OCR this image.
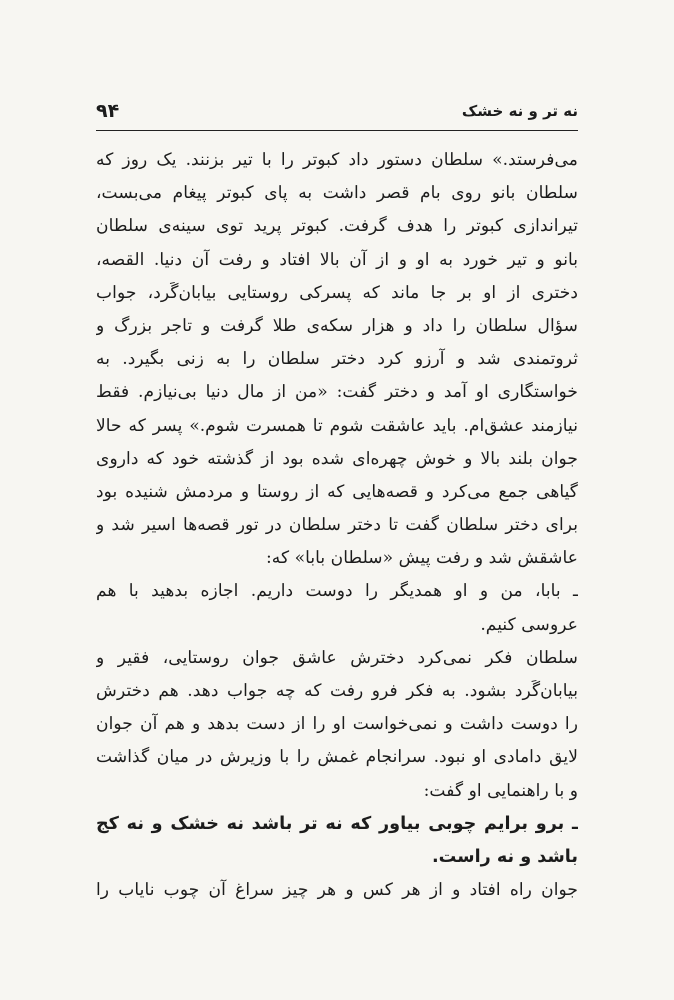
۹۴	نه تر و نه خشک
می‌فرستد.» سلطان دستور داد کبوتر را با تیر بزنند. یک روز که
سلطان بانو روی بام قصر داشت به پای کبوتر پیغام می‌بست،
تیراندازی کبوتر را هدف گرفت. کبوتر پرید توی سینه‌ی سلطان
بانو و تیر خورد به او و از آن بالا افتاد و رفت آن دنیا. القصه،
دختری از او بر جا ماند که پسرکی روستایی بیابان‌گَرد، جواب
سؤال سلطان را داد و هزار سکه‌ی طلا گرفت و تاجر بزرگ و
ثروتمندی شد و آرزو کرد دختر سلطان را به زنی بگیرد. به
خواستگاری او آمد و دختر گفت: «من از مال دنیا بی‌نیازم. فقط
نیازمند عشق‌ام. باید عاشقت شوم تا همسرت شوم.» پسر که حالا
جوان بلند بالا و خوش چهره‌ای شده بود از گذشته خود که داروی
گیاهی جمع می‌کرد و قصه‌هایی که از روستا و مردمش شنیده بود
برای دختر سلطان گفت تا دختر سلطان در تور قصه‌ها اسیر شد و
عاشقش شد و رفت پیش «سلطان بابا» که:
ـ بابا، من و او همدیگر را دوست داریم. اجازه بدهید با هم
عروسی کنیم.
سلطان فکر نمی‌کرد دخترش عاشق جوان روستایی، فقیر و
بیابان‌گَرد بشود. به فکر فرو رفت که چه جواب دهد. هم دخترش
را دوست داشت و نمی‌خواست او را از دست بدهد و هم آن جوان
لایق دامادی او نبود. سرانجام غمش را با وزیرش در میان گذاشت
و با راهنمایی او گفت:
ـ برو برایم چوبی بیاور که نه تر باشد نه خشک و نه کج
باشد و نه راست.
جوان راه افتاد و از هر کس و هر چیز سراغ آن چوب نایاب را
